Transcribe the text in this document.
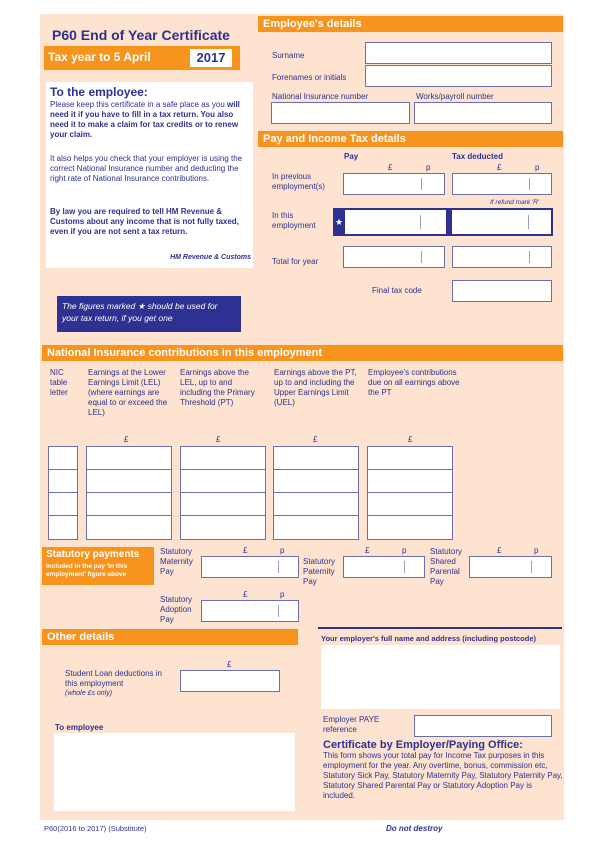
P60 End of Year Certificate
Tax year to 5 April	2017
To the employee:
Please keep this certificate in a safe place as you will need it if you have to fill in a tax return. You also need it to make a claim for tax credits or to renew your claim.
It also helps you check that your employer is using the correct National Insurance number and deducting the right rate of National Insurance contributions.
By law you are required to tell HM Revenue & Customs about any income that is not fully taxed, even if you are not sent a tax return.
HM Revenue & Customs
The figures marked ★ should be used for your tax return, if you get one
Employee's details
Surname
Forenames or initials
National Insurance number	Works/payroll number
Pay and Income Tax details
Pay	Tax deducted
£	p	£	p
In previous employment(s)
If refund mark 'R'
In this employment	★
Total for year
Final tax code
National Insurance contributions in this employment
NIC table letter
Earnings at the Lower Earnings Limit (LEL) (where earnings are equal to or exceed the LEL)
Earnings above the LEL, up to and including the Primary Threshold (PT)
Earnings above the PT, up to and including the Upper Earnings Limit (UEL)
Employee's contributions due on all earnings above the PT
£	£	£	£
Statutory payments
Included in the pay 'In this employment' figure above
Statutory Maternity Pay
£	p
Statutory Paternity Pay
£	p	Statutory Shared Parental Pay
£	p
Statutory Adoption Pay
£	p
Other details
Student Loan deductions in this employment
(whole £s only)
£
To employee
Your employer's full name and address (including postcode)
Employer PAYE reference
Certificate by Employer/Paying Office:
This form shows your total pay for Income Tax purposes in this employment for the year. Any overtime, bonus, commission etc, Statutory Sick Pay, Statutory Maternity Pay, Statutory Paternity Pay, Statutory Shared Parental Pay or Statutory Adoption Pay is included.
P60(2016 to 2017) (Substitute)	Do not destroy
